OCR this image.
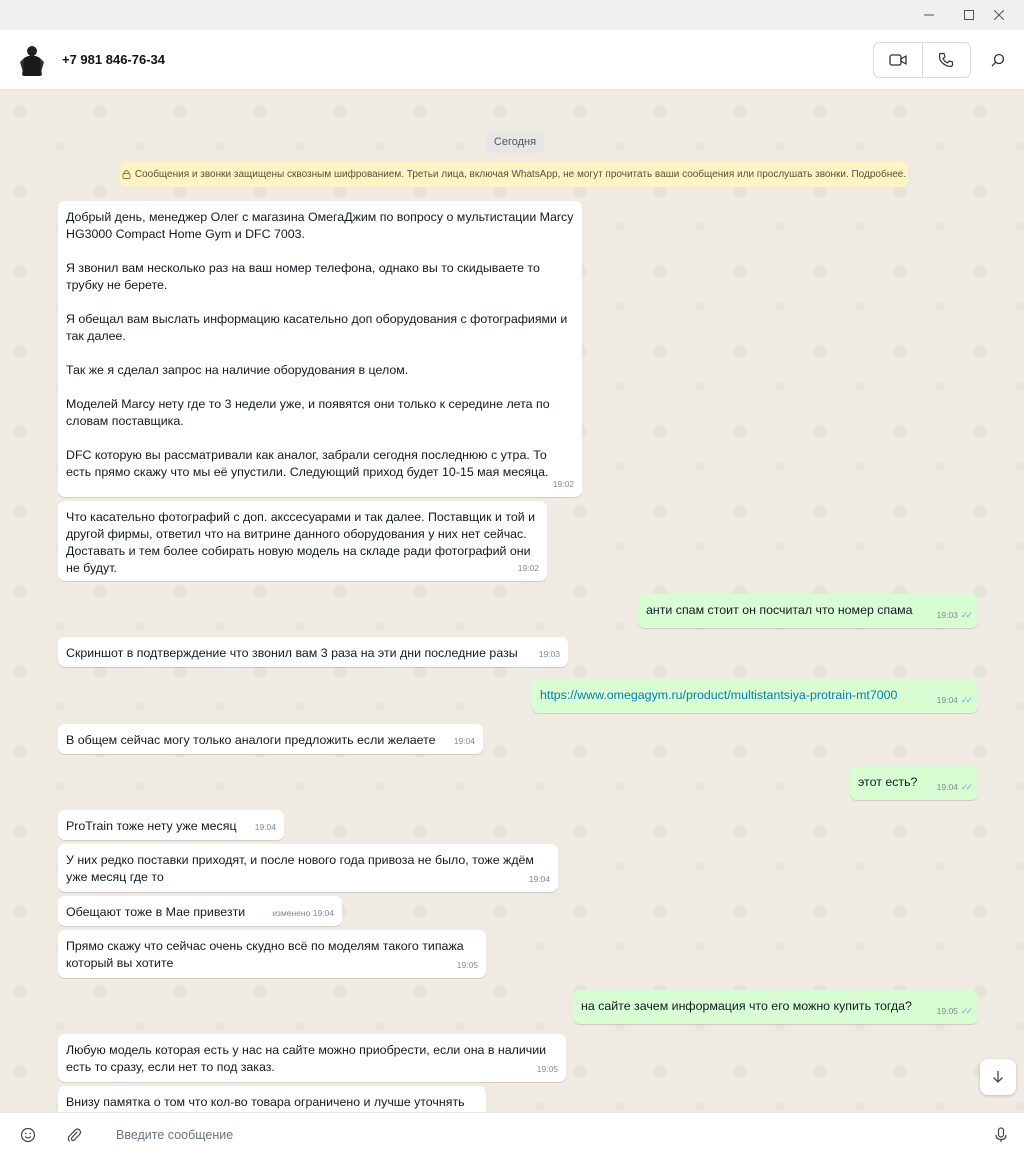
+7 981 846-76-34
Сегодня
Сообщения и звонки защищены сквозным шифрованием. Третьи лица, включая WhatsApp, не могут прочитать ваши сообщения или прослушать звонки. Подробнее.
Добрый день, менеджер Олег с магазина ОмегаДжим по вопросу о мультистации Marcy HG3000 Compact Home Gym и DFC 7003.

Я звонил вам несколько раз на ваш номер телефона, однако вы то скидываете то трубку не берете.

Я обещал вам выслать информацию касательно доп оборудования с фотографиями и так далее.

Так же я сделал запрос на наличие оборудования в целом.

Моделей Marcy нету где то 3 недели уже, и появятся они только к середине лета по словам поставщика.

DFC которую вы рассматривали как аналог, забрали сегодня последнюю с утра. То есть прямо скажу что мы её упустили. Следующий приход будет 10-15 мая месяца.
19:02
Что касательно фотографий с доп. акссесуарами и так далее. Поставщик и той и другой фирмы, ответил что на витрине данного оборудования у них нет сейчас. Доставать и тем более собирать новую модель на складе ради фотографий они не будут.	19:02
анти спам стоит он посчитал что номер спама	19:03 ✓✓
Скриншот в подтверждение что звонил вам 3 раза на эти дни последние разы	19:03
https://www.omegagym.ru/product/multistantsiya-protrain-mt7000	19:04 ✓✓
В общем сейчас могу только аналоги предложить если желаете	19:04
этот есть?	19:04 ✓✓
ProTrain тоже нету уже месяц	19:04
У них редко поставки приходят, и после нового года привоза не было, тоже ждём уже месяц где то	19:04
Обещают тоже в Мае привезти	изменено 19:04
Прямо скажу что сейчас очень скудно всё по моделям такого типажа который вы хотите	19:05
на сайте зачем информация что его можно купить тогда?	19:05 ✓✓
Любую модель которая есть у нас на сайте можно приобрести, если она в наличии есть то сразу, если нет то под заказ.	19:05
Внизу памятка о том что кол-во товара ограничено и лучше уточнять
Введите сообщение
